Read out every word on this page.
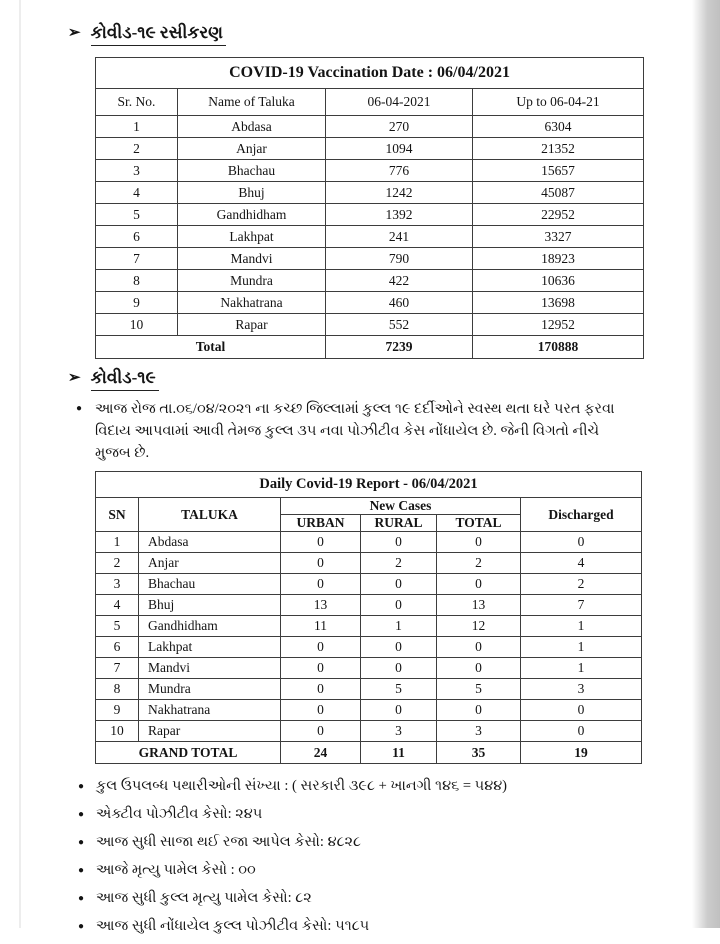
➢ કોવીડ-૧૯ રસીકરણ
COVID-19 Vaccination Date : 06/04/2021			
Sr. No.	Name of Taluka	06-04-2021	Up to 06-04-21
1	Abdasa	270	6304
2	Anjar	1094	21352
3	Bhachau	776	15657
4	Bhuj	1242	45087
5	Gandhidham	1392	22952
6	Lakhpat	241	3327
7	Mandvi	790	18923
8	Mundra	422	10636
9	Nakhatrana	460	13698
10	Rapar	552	12952
Total		7239	170888
➢ કોવીડ-૧૯
● આજ રોજ તા.૦૬/૦૪/૨૦૨૧ ના કચ્છ જિલ્લામાં કુલ્લ ૧૯ દર્દીઓને સ્વસ્થ થતા ઘરે પરત ફરવા વિદાય આપવામાં આવી તેમજ કુલ્લ ૩૫ નવા પોઝીટીવ કેસ નોંધાયેલ છે. જેની વિગતો નીચે મુજબ છે.
Daily Covid-19 Report - 06/04/2021					
SN	TALUKA	New Cases			Discharged
		URBAN	RURAL	TOTAL	
1	Abdasa	0	0	0	0
2	Anjar	0	2	2	4
3	Bhachau	0	0	0	2
4	Bhuj	13	0	13	7
5	Gandhidham	11	1	12	1
6	Lakhpat	0	0	0	1
7	Mandvi	0	0	0	1
8	Mundra	0	5	5	3
9	Nakhatrana	0	0	0	0
10	Rapar	0	3	3	0
GRAND TOTAL		24	11	35	19
● કુલ ઉપલબ્ધ પથારીઓની સંખ્યા : ( સરકારી ૩૯૮ + ખાનગી ૧૪૬ = ૫૪૪)
● એક્ટીવ પોઝીટીવ કેસો: ૨૪૫
● આજ સુધી સાજા થઈ રજા આપેલ કેસો: ૪૮૨૮
● આજે મૃત્યુ પામેલ કેસો : ૦૦
● આજ સુધી કુલ્લ મૃત્યુ પામેલ કેસો: ૮૨
● આજ સુધી નોંધાયેલ કુલ્લ પોઝીટીવ કેસો: ૫૧૮૫
